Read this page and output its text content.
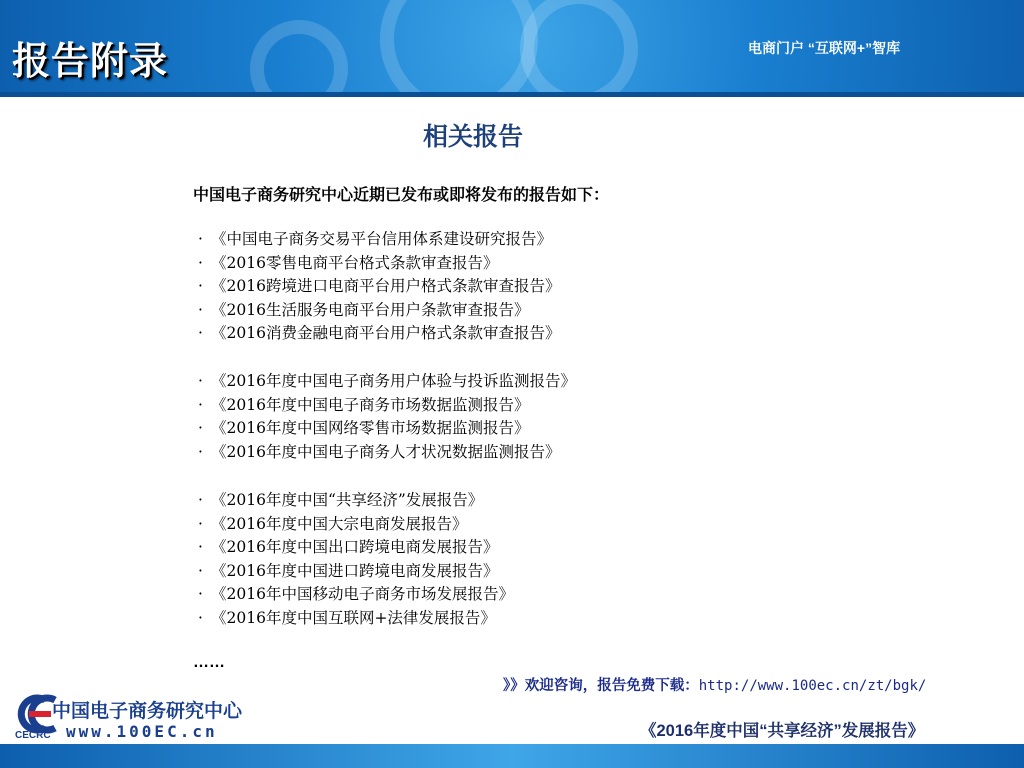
报告附录	电商门户 “互联网+”智库
相关报告
中国电子商务研究中心近期已发布或即将发布的报告如下：
· 《中国电子商务交易平台信用体系建设研究报告》
· 《2016零售电商平台格式条款审查报告》
· 《2016跨境进口电商平台用户格式条款审查报告》
· 《2016生活服务电商平台用户条款审查报告》
· 《2016消费金融电商平台用户格式条款审查报告》
· 《2016年度中国电子商务用户体验与投诉监测报告》
· 《2016年度中国电子商务市场数据监测报告》
· 《2016年度中国网络零售市场数据监测报告》
· 《2016年度中国电子商务人才状况数据监测报告》
· 《2016年度中国“共享经济”发展报告》
· 《2016年度中国大宗电商发展报告》
· 《2016年度中国出口跨境电商发展报告》
· 《2016年度中国进口跨境电商发展报告》
· 《2016年中国移动电子商务市场发展报告》
· 《2016年度中国互联网+法律发展报告》
……
》》欢迎咨询，报告免费下载：http://www.100ec.cn/zt/bgk/
中国电子商务研究中心
CECRC www.100EC.cn	《2016年度中国“共享经济”发展报告》
